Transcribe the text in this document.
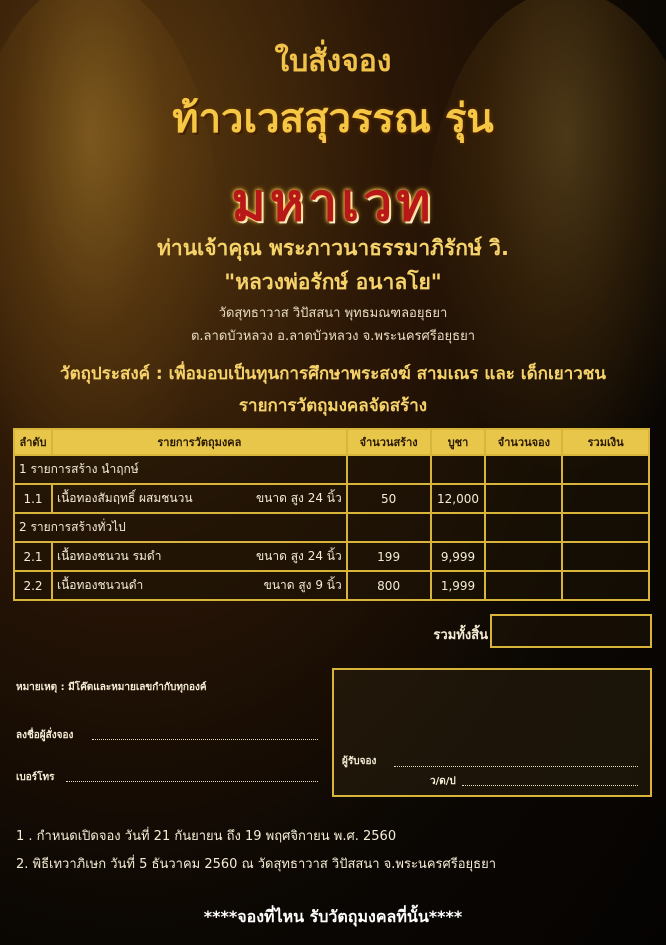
ใบสั่งจอง
ท้าวเวสสุวรรณ รุ่น
มหาเวท
ท่านเจ้าคุณ พระภาวนาธรรมาภิรักษ์ วิ.
"หลวงพ่อรักษ์ อนาลโย"
วัดสุทธาวาส วิปัสสนา พุทธมณฑลอยุธยา
ต.ลาดบัวหลวง อ.ลาดบัวหลวง จ.พระนครศรีอยุธยา
วัตถุประสงค์ : เพื่อมอบเป็นทุนการศึกษาพระสงฆ์ สามเณร และ เด็กเยาวชน
รายการวัตถุมงคลจัดสร้าง
ลำดับ	รายการวัตถุมงคล	จำนวนสร้าง	บูชา	จำนวนจอง	รวมเงิน
1 รายการสร้าง นำฤกษ์					
1.1	เนื้อทองสัมฤทธิ์ ผสมชนวน ขนาด สูง 24 นิ้ว	50	12,000		
2 รายการสร้างทั่วไป					
2.1	เนื้อทองชนวน รมดำ ขนาด สูง 24 นิ้ว	199	9,999		
2.2	เนื้อทองชนวนดำ ขนาด สูง 9 นิ้ว	800	1,999		
รวมทั้งสิ้น
หมายเหตุ : มีโค๊ตและหมายเลขกำกับทุกองค์
ลงชื่อผู้สั่งจอง
เบอร์โทร
ผู้รับจอง
ว/ด/ป
1 . กำหนดเปิดจอง วันที่ 21 กันยายน ถึง 19 พฤศจิกายน พ.ศ. 2560
2. พิธีเทวาภิเษก วันที่ 5 ธันวาคม 2560 ณ วัดสุทธาวาส วิปัสสนา จ.พระนครศรีอยุธยา
****จองที่ไหน รับวัตถุมงคลที่นั้น****
